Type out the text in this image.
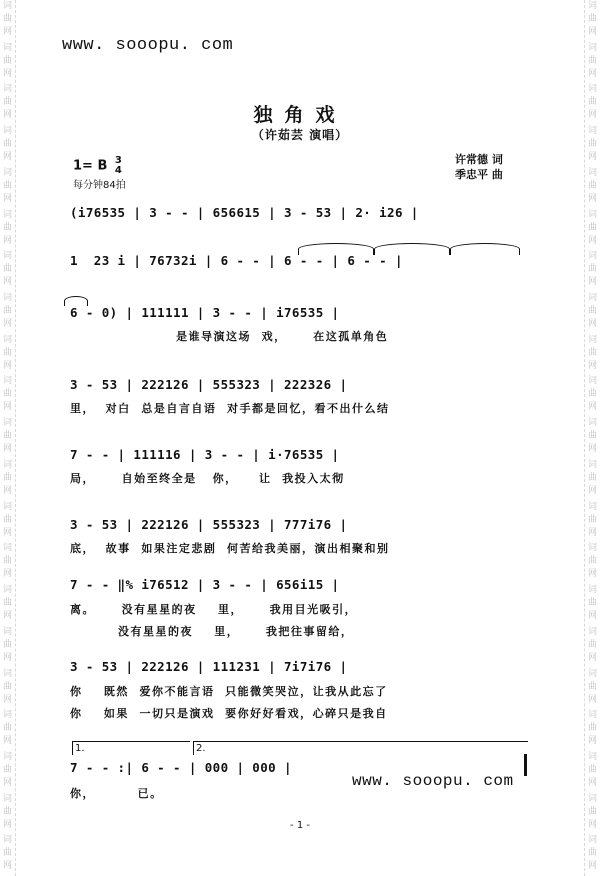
词
曲
网
词
曲
网
词
曲
网
词
曲
网
词
曲
网
词
曲
网
词
曲
网
词
曲
网
词
曲
网
词
曲
网
词
曲
网
词
曲
网
词
曲
网
词
曲
网
词
曲
网
词
曲
网
词
曲
网
词
曲
网
词
曲
网
词
曲
网
词
曲
网
词
曲
网
词
曲
网
词
曲
网
词
曲
网
词
曲
网
词
曲
网
词
曲
网
词
曲
网
词
曲
网
词
曲
网
词
曲
网
词
曲
网
词
曲
网
词
曲
网
词
曲
网
词
曲
网
词
曲
网
词
曲
网
词
曲
网
词
曲
网
词
曲
网
www. sooopu. com
独角戏
（许茹芸 演唱）
1= B 3
4
每分钟84拍
许常德 词
季忠平 曲
(i76535 | 3 - - | 656615 | 3 - 53 | 2· i26 |
1  23 i | 76732i | 6 - - | 6 - - | 6 - - |
6 - 0) | 111111 | 3 - - | i76535 |
是谁导演这场  戏，     在这孤单角色
3 - 53 | 222126 | 555323 | 222326 |
里，  对白  总是自言自语  对手都是回忆，看不出什么结
7 - - | 111116 | 3 - - | i·76535 |
局，     自始至终全是   你，    让  我投入太彻
3 - 53 | 222126 | 555323 | 777i76 |
底，  故事  如果注定悲剧  何苦给我美丽，演出相聚和别
7 - - ‖% i76512 | 3 - - | 656i15 |
离。     没有星星的夜    里，     我用目光吸引，
没有星星的夜    里，     我把往事留给，
3 - 53 | 222126 | 111231 | 7i7i76 |
你    既然  爱你不能言语  只能微笑哭泣，让我从此忘了
你    如果  一切只是演戏  要你好好看戏，心碎只是我自
1.	2.
7 - - :| 6 - - | 000 | 000 |
你，        已。
www. sooopu. com
- 1 -
